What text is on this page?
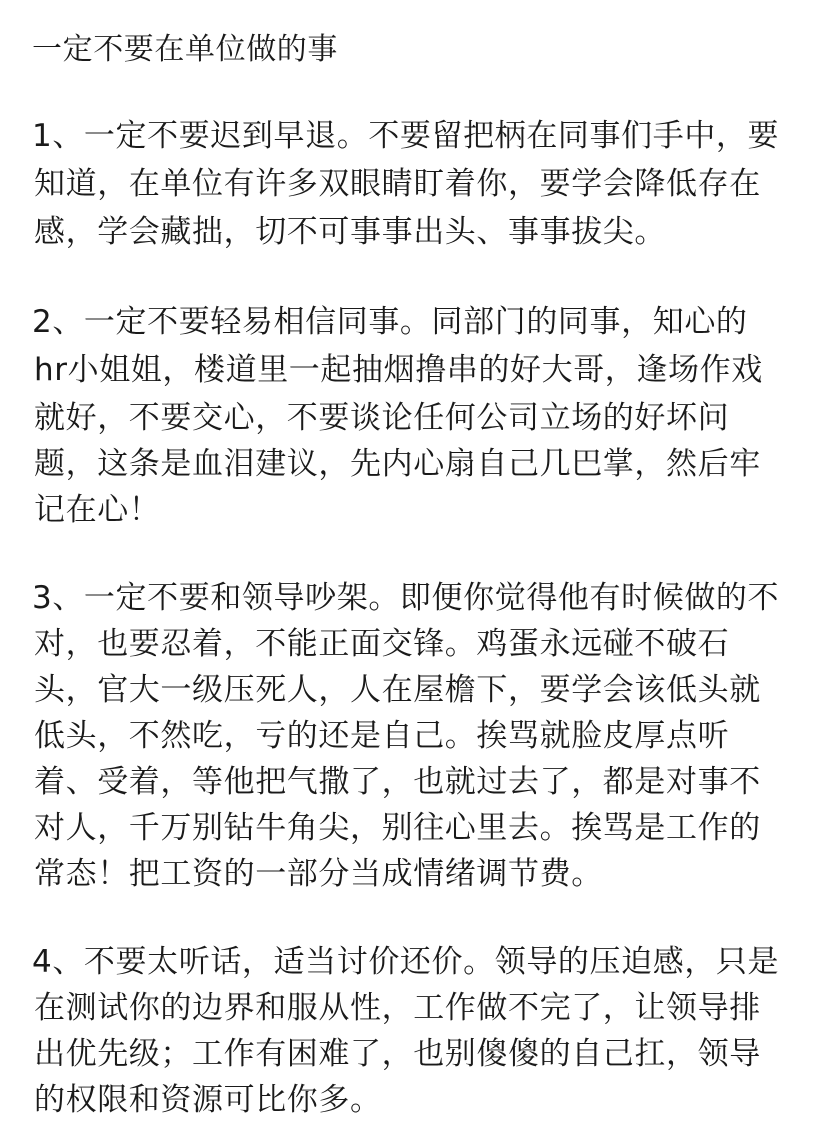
一定不要在单位做的事
1、一定不要迟到早退。不要留把柄在同事们手中，要
知道，在单位有许多双眼睛盯着你，要学会降低存在
感，学会藏拙，切不可事事出头、事事拔尖。
2、一定不要轻易相信同事。同部门的同事，知心的
hr小姐姐，楼道里一起抽烟撸串的好大哥，逢场作戏
就好，不要交心，不要谈论任何公司立场的好坏问
题，这条是血泪建议，先内心扇自己几巴掌，然后牢
记在心！
3、一定不要和领导吵架。即便你觉得他有时候做的不
对，也要忍着，不能正面交锋。鸡蛋永远碰不破石
头，官大一级压死人，人在屋檐下，要学会该低头就
低头，不然吃，亏的还是自己。挨骂就脸皮厚点听
着、受着，等他把气撒了，也就过去了，都是对事不
对人，千万别钻牛角尖，别往心里去。挨骂是工作的
常态！把工资的一部分当成情绪调节费。
4、不要太听话，适当讨价还价。领导的压迫感，只是
在测试你的边界和服从性，工作做不完了，让领导排
出优先级；工作有困难了，也别傻傻的自己扛，领导
的权限和资源可比你多。
